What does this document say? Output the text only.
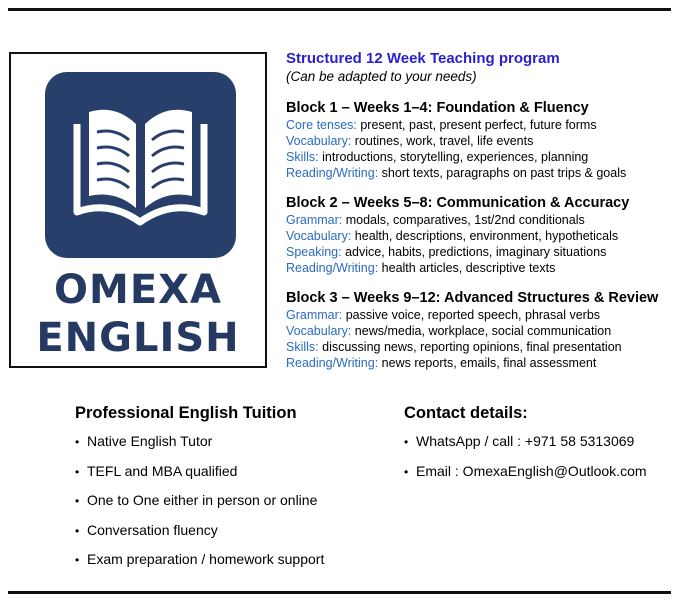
OMEXA
ENGLISH

Structured 12 Week Teaching program

(Can be adapted to your needs)

Block 1 – Weeks 1–4: Foundation & Fluency
Core tenses: present, past, present perfect, future forms
Vocabulary: routines, work, travel, life events
Skills: introductions, storytelling, experiences, planning
Reading/Writing: short texts, paragraphs on past trips & goals
Block 2 – Weeks 5–8: Communication & Accuracy
Grammar: modals, comparatives, 1st/2nd conditionals
Vocabulary: health, descriptions, environment, hypotheticals
Speaking: advice, habits, predictions, imaginary situations
Reading/Writing: health articles, descriptive texts
Block 3 – Weeks 9–12: Advanced Structures & Review
Grammar: passive voice, reported speech, phrasal verbs
Vocabulary: news/media, workplace, social communication
Skills: discussing news, reporting opinions, final presentation
Reading/Writing: news reports, emails, final assessment
Professional English Tuition
• Native English Tutor
• TEFL and MBA qualified
• One to One either in person or online
• Conversation fluency
• Exam preparation / homework support
Contact details:
• WhatsApp / call : +971 58 5313069
• Email : OmexaEnglish@Outlook.com
